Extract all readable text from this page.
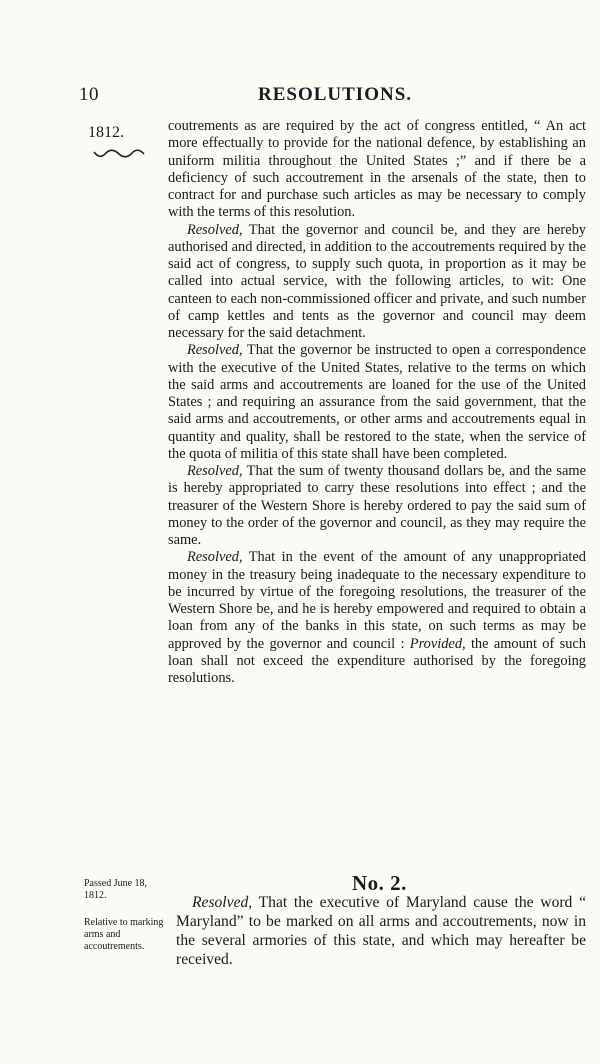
10	RESOLUTIONS.
1812.	coutrements as are required by the act of congress entitled, “ An act more effectually to provide for the national defence, by establishing an uniform militia throughout the United States ;” and if there be a deficiency of such accoutrement in the arsenals of the state, then to contract for and purchase such articles as may be necessary to comply with the terms of this resolution.

Resolved, That the governor and council be, and they are hereby authorised and directed, in addition to the accoutrements required by the said act of congress, to supply such quota, in proportion as it may be called into actual service, with the following articles, to wit: One canteen to each non-commissioned officer and private, and such number of camp kettles and tents as the governor and council may deem necessary for the said detachment.

Resolved, That the governor be instructed to open a correspondence with the executive of the United States, relative to the terms on which the said arms and accoutrements are loaned for the use of the United States ; and requiring an assurance from the said government, that the said arms and accoutrements, or other arms and accoutrements equal in quantity and quality, shall be restored to the state, when the service of the quota of militia of this state shall have been completed.

Resolved, That the sum of twenty thousand dollars be, and the same is hereby appropriated to carry these resolutions into effect ; and the treasurer of the Western Shore is hereby ordered to pay the said sum of money to the order of the governor and council, as they may require the same.

Resolved, That in the event of the amount of any unappropriated money in the treasury being inadequate to the necessary expenditure to be incurred by virtue of the foregoing resolutions, the treasurer of the Western Shore be, and he is hereby empowered and required to obtain a loan from any of the banks in this state, on such terms as may be approved by the governor and council : Provided, the amount of such loan shall not exceed the expenditure authorised by the foregoing resolutions.

Passed June 18, 1812.
No. 2.
Relative to marking arms and accoutrements.

Resolved, That the executive of Maryland cause the word “ Maryland” to be marked on all arms and accoutrements, now in the several armories of this state, and which may hereafter be received.
